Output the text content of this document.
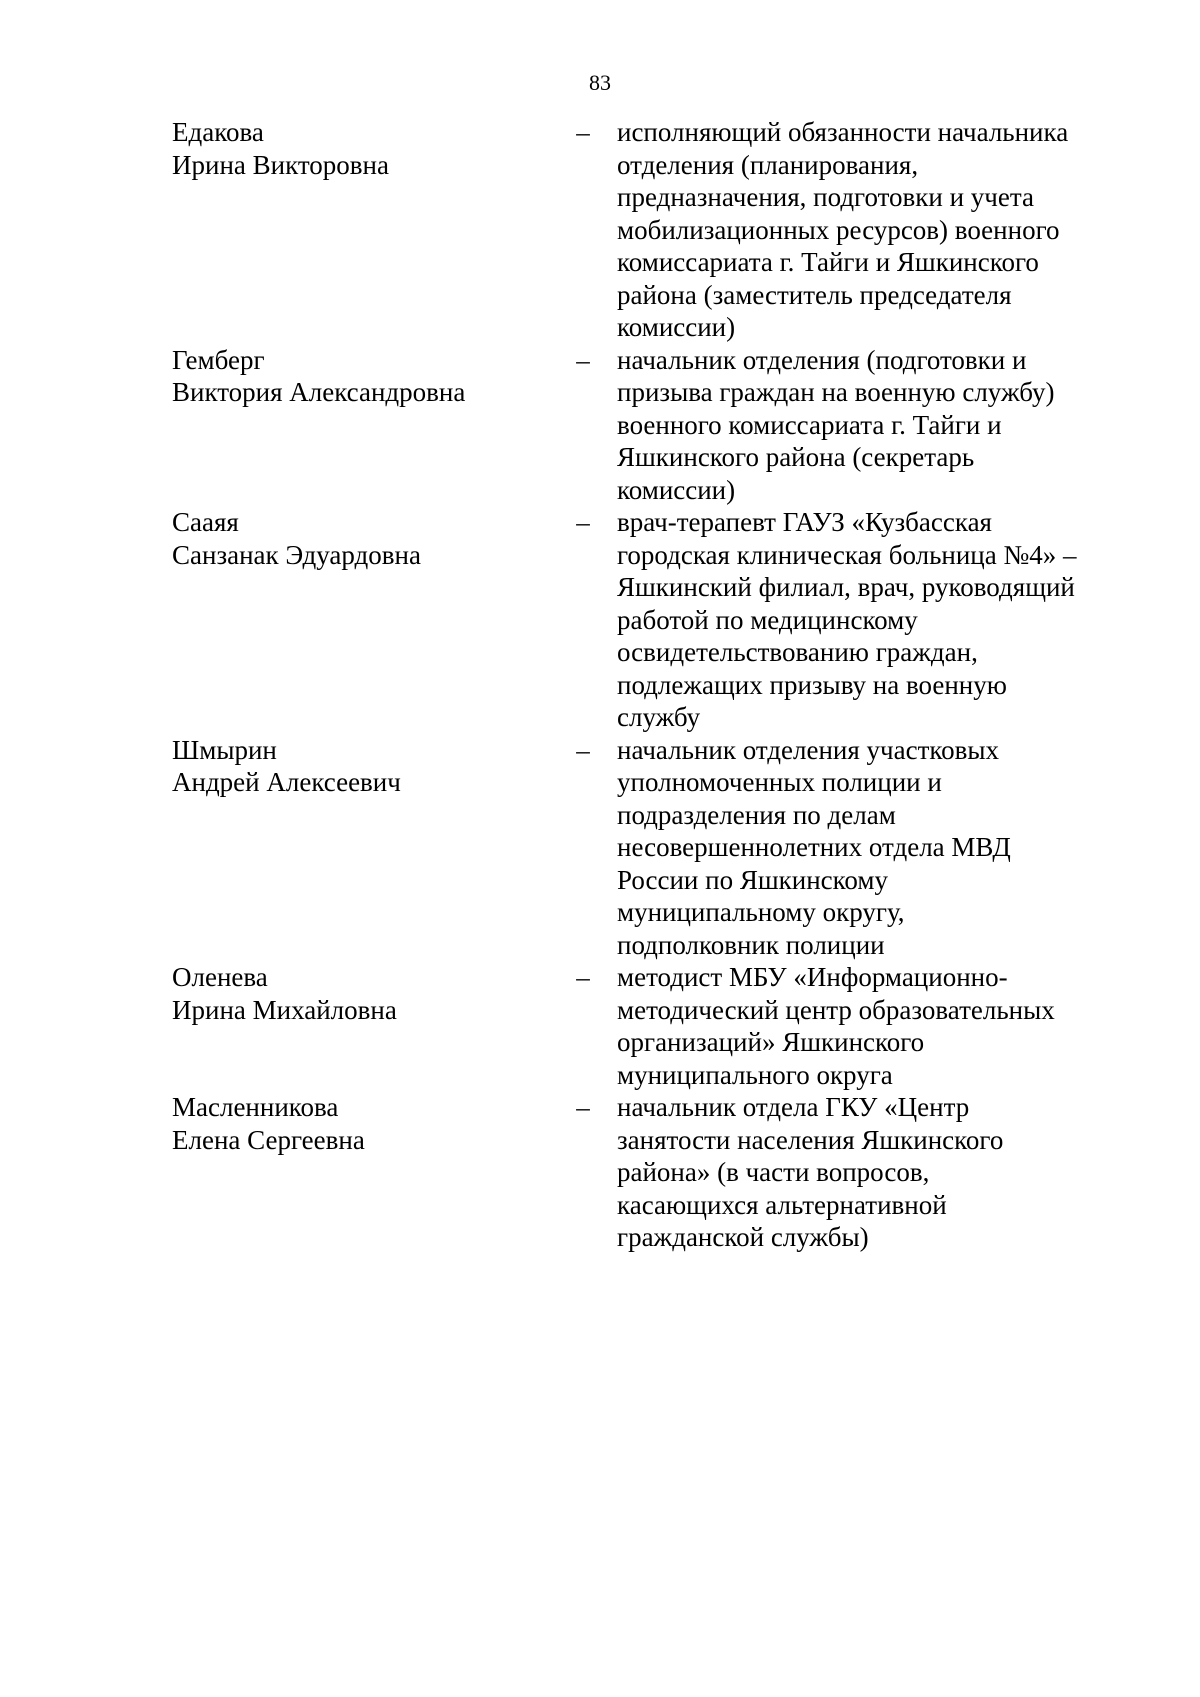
83
Едакова
Ирина Викторовна
– исполняющий обязанности начальника
отделения (планирования,
предназначения, подготовки и учета
мобилизационных ресурсов) военного
комиссариата г. Тайги и Яшкинского
района (заместитель председателя
комиссии)
Гемберг
Виктория Александровна
– начальник отделения (подготовки и
призыва граждан на военную службу)
военного комиссариата г. Тайги и
Яшкинского района (секретарь
комиссии)
Сааяя
Санзанак Эдуардовна
– врач-терапевт ГАУЗ «Кузбасская
городская клиническая больница №4» –
Яшкинский филиал, врач, руководящий
работой по медицинскому
освидетельствованию граждан,
подлежащих призыву на военную
службу
Шмырин
Андрей Алексеевич
– начальник отделения участковых
уполномоченных полиции и
подразделения по делам
несовершеннолетних отдела МВД
России по Яшкинскому
муниципальному округу,
подполковник полиции
Оленева
Ирина Михайловна
– методист МБУ «Информационно-
методический центр образовательных
организаций» Яшкинского
муниципального округа
Масленникова
Елена Сергеевна
– начальник отдела ГКУ «Центр
занятости населения Яшкинского
района» (в части вопросов,
касающихся альтернативной
гражданской службы)
